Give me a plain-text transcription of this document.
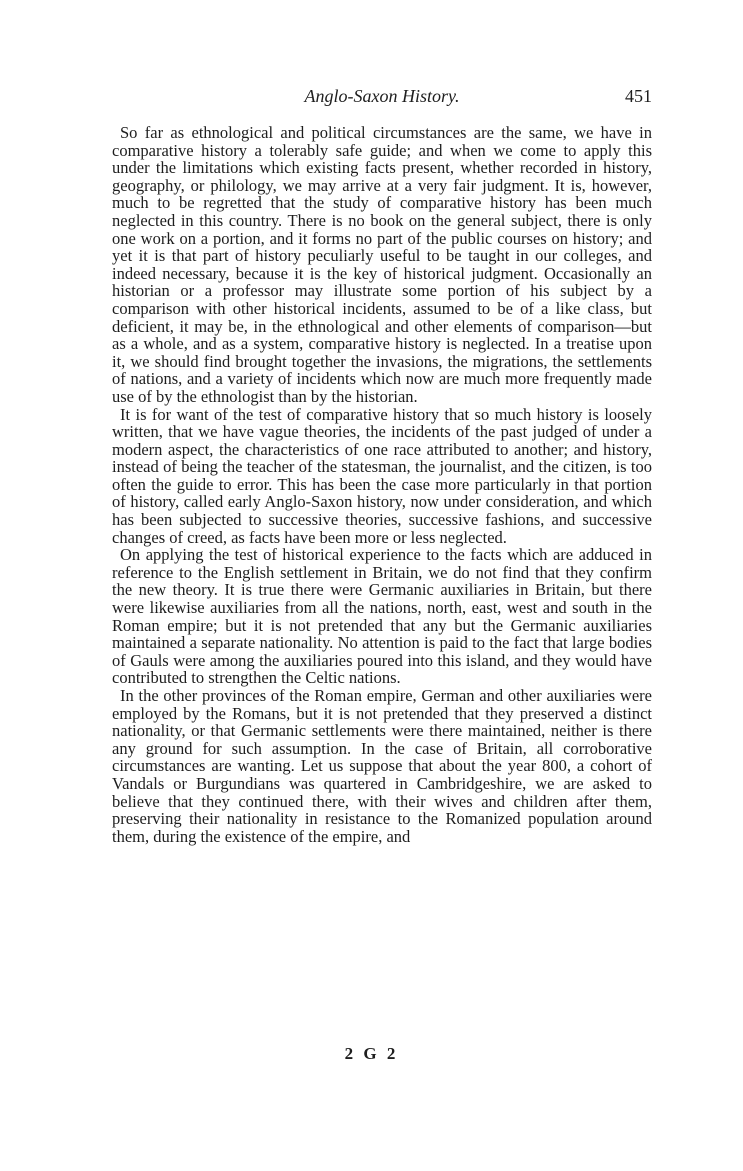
Anglo-Saxon History.	451

So far as ethnological and political circumstances are the same, we have in comparative history a tolerably safe guide; and when we come to apply this under the limitations which existing facts present, whether recorded in history, geography, or philology, we may arrive at a very fair judgment. It is, however, much to be regretted that the study of comparative history has been much neglected in this country. There is no book on the general subject, there is only one work on a portion, and it forms no part of the public courses on history; and yet it is that part of history peculiarly useful to be taught in our colleges, and indeed necessary, because it is the key of historical judgment. Occasionally an historian or a professor may illustrate some portion of his subject by a comparison with other historical incidents, assumed to be of a like class, but deficient, it may be, in the ethnological and other elements of comparison—but as a whole, and as a system, comparative history is neglected. In a treatise upon it, we should find brought together the invasions, the migrations, the settlements of nations, and a variety of incidents which now are much more frequently made use of by the ethnologist than by the historian.

It is for want of the test of comparative history that so much history is loosely written, that we have vague theories, the incidents of the past judged of under a modern aspect, the characteristics of one race attributed to another; and history, instead of being the teacher of the statesman, the journalist, and the citizen, is too often the guide to error. This has been the case more particularly in that portion of history, called early Anglo-Saxon history, now under consideration, and which has been subjected to successive theories, successive fashions, and successive changes of creed, as facts have been more or less neglected.

On applying the test of historical experience to the facts which are adduced in reference to the English settlement in Britain, we do not find that they confirm the new theory. It is true there were Germanic auxiliaries in Britain, but there were likewise auxiliaries from all the nations, north, east, west and south in the Roman empire; but it is not pretended that any but the Germanic auxiliaries maintained a separate nationality. No attention is paid to the fact that large bodies of Gauls were among the auxiliaries poured into this island, and they would have contributed to strengthen the Celtic nations.

In the other provinces of the Roman empire, German and other auxiliaries were employed by the Romans, but it is not pretended that they preserved a distinct nationality, or that Germanic settlements were there maintained, neither is there any ground for such assumption. In the case of Britain, all corroborative circumstances are wanting. Let us suppose that about the year 800, a cohort of Vandals or Burgundians was quartered in Cambridgeshire, we are asked to believe that they continued there, with their wives and children after them, preserving their nationality in resistance to the Romanized population around them, during the existence of the empire, and

2 G 2
